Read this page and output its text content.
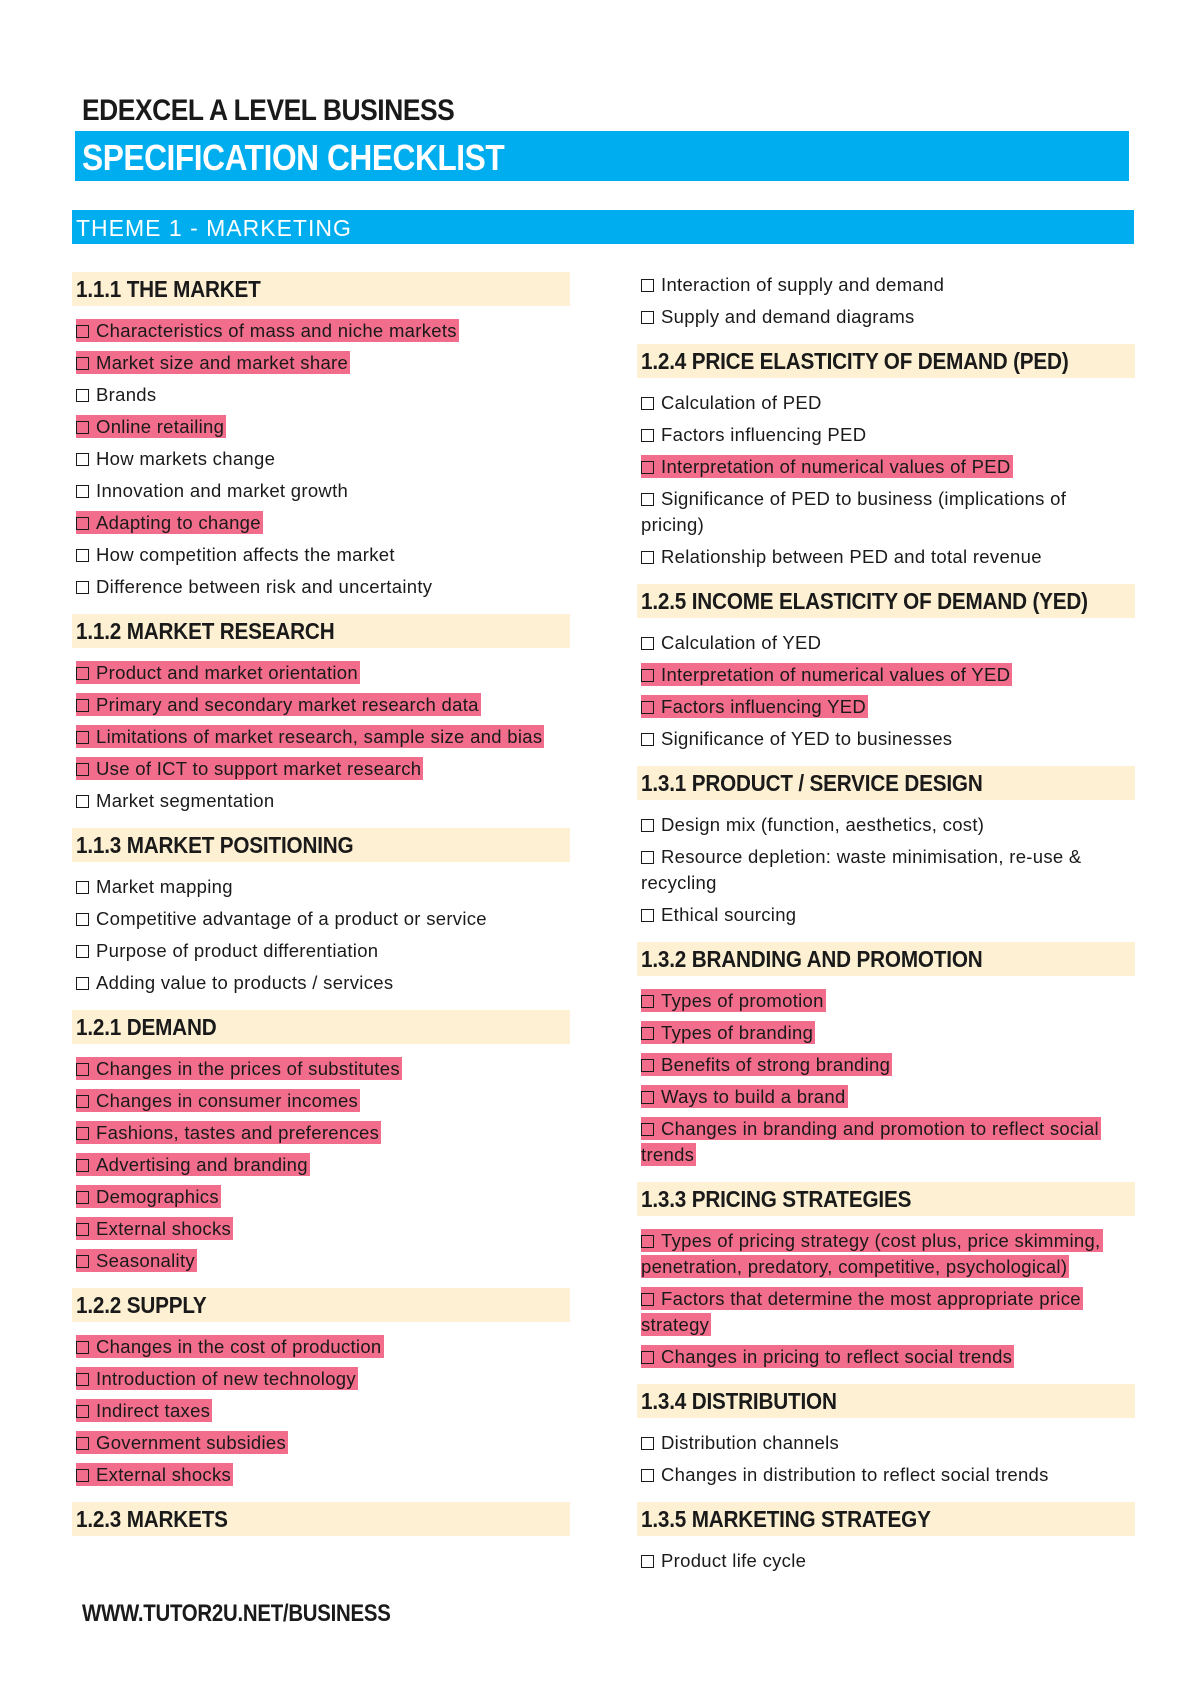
EDEXCEL A LEVEL BUSINESS
SPECIFICATION CHECKLIST
THEME 1 - MARKETING
1.1.1 THE MARKET
Characteristics of mass and niche markets
Market size and market share
Brands
Online retailing
How markets change
Innovation and market growth
Adapting to change
How competition affects the market
Difference between risk and uncertainty
1.1.2 MARKET RESEARCH
Product and market orientation
Primary and secondary market research data
Limitations of market research, sample size and bias
Use of ICT to support market research
Market segmentation
1.1.3 MARKET POSITIONING
Market mapping
Competitive advantage of a product or service
Purpose of product differentiation
Adding value to products / services
1.2.1 DEMAND
Changes in the prices of substitutes
Changes in consumer incomes
Fashions, tastes and preferences
Advertising and branding
Demographics
External shocks
Seasonality
1.2.2 SUPPLY
Changes in the cost of production
Introduction of new technology
Indirect taxes
Government subsidies
External shocks
1.2.3 MARKETS
Interaction of supply and demand
Supply and demand diagrams
1.2.4 PRICE ELASTICITY OF DEMAND (PED)
Calculation of PED
Factors influencing PED
Interpretation of numerical values of PED
Significance of PED to business (implications of pricing)
Relationship between PED and total revenue
1.2.5 INCOME ELASTICITY OF DEMAND (YED)
Calculation of YED
Interpretation of numerical values of YED
Factors influencing YED
Significance of YED to businesses
1.3.1 PRODUCT / SERVICE DESIGN
Design mix (function, aesthetics, cost)
Resource depletion: waste minimisation, re-use & recycling
Ethical sourcing
1.3.2 BRANDING AND PROMOTION
Types of promotion
Types of branding
Benefits of strong branding
Ways to build a brand
Changes in branding and promotion to reflect social trends
1.3.3 PRICING STRATEGIES
Types of pricing strategy (cost plus, price skimming, penetration, predatory, competitive, psychological)
Factors that determine the most appropriate price strategy
Changes in pricing to reflect social trends
1.3.4 DISTRIBUTION
Distribution channels
Changes in distribution to reflect social trends
1.3.5 MARKETING STRATEGY
Product life cycle
WWW.TUTOR2U.NET/BUSINESS
